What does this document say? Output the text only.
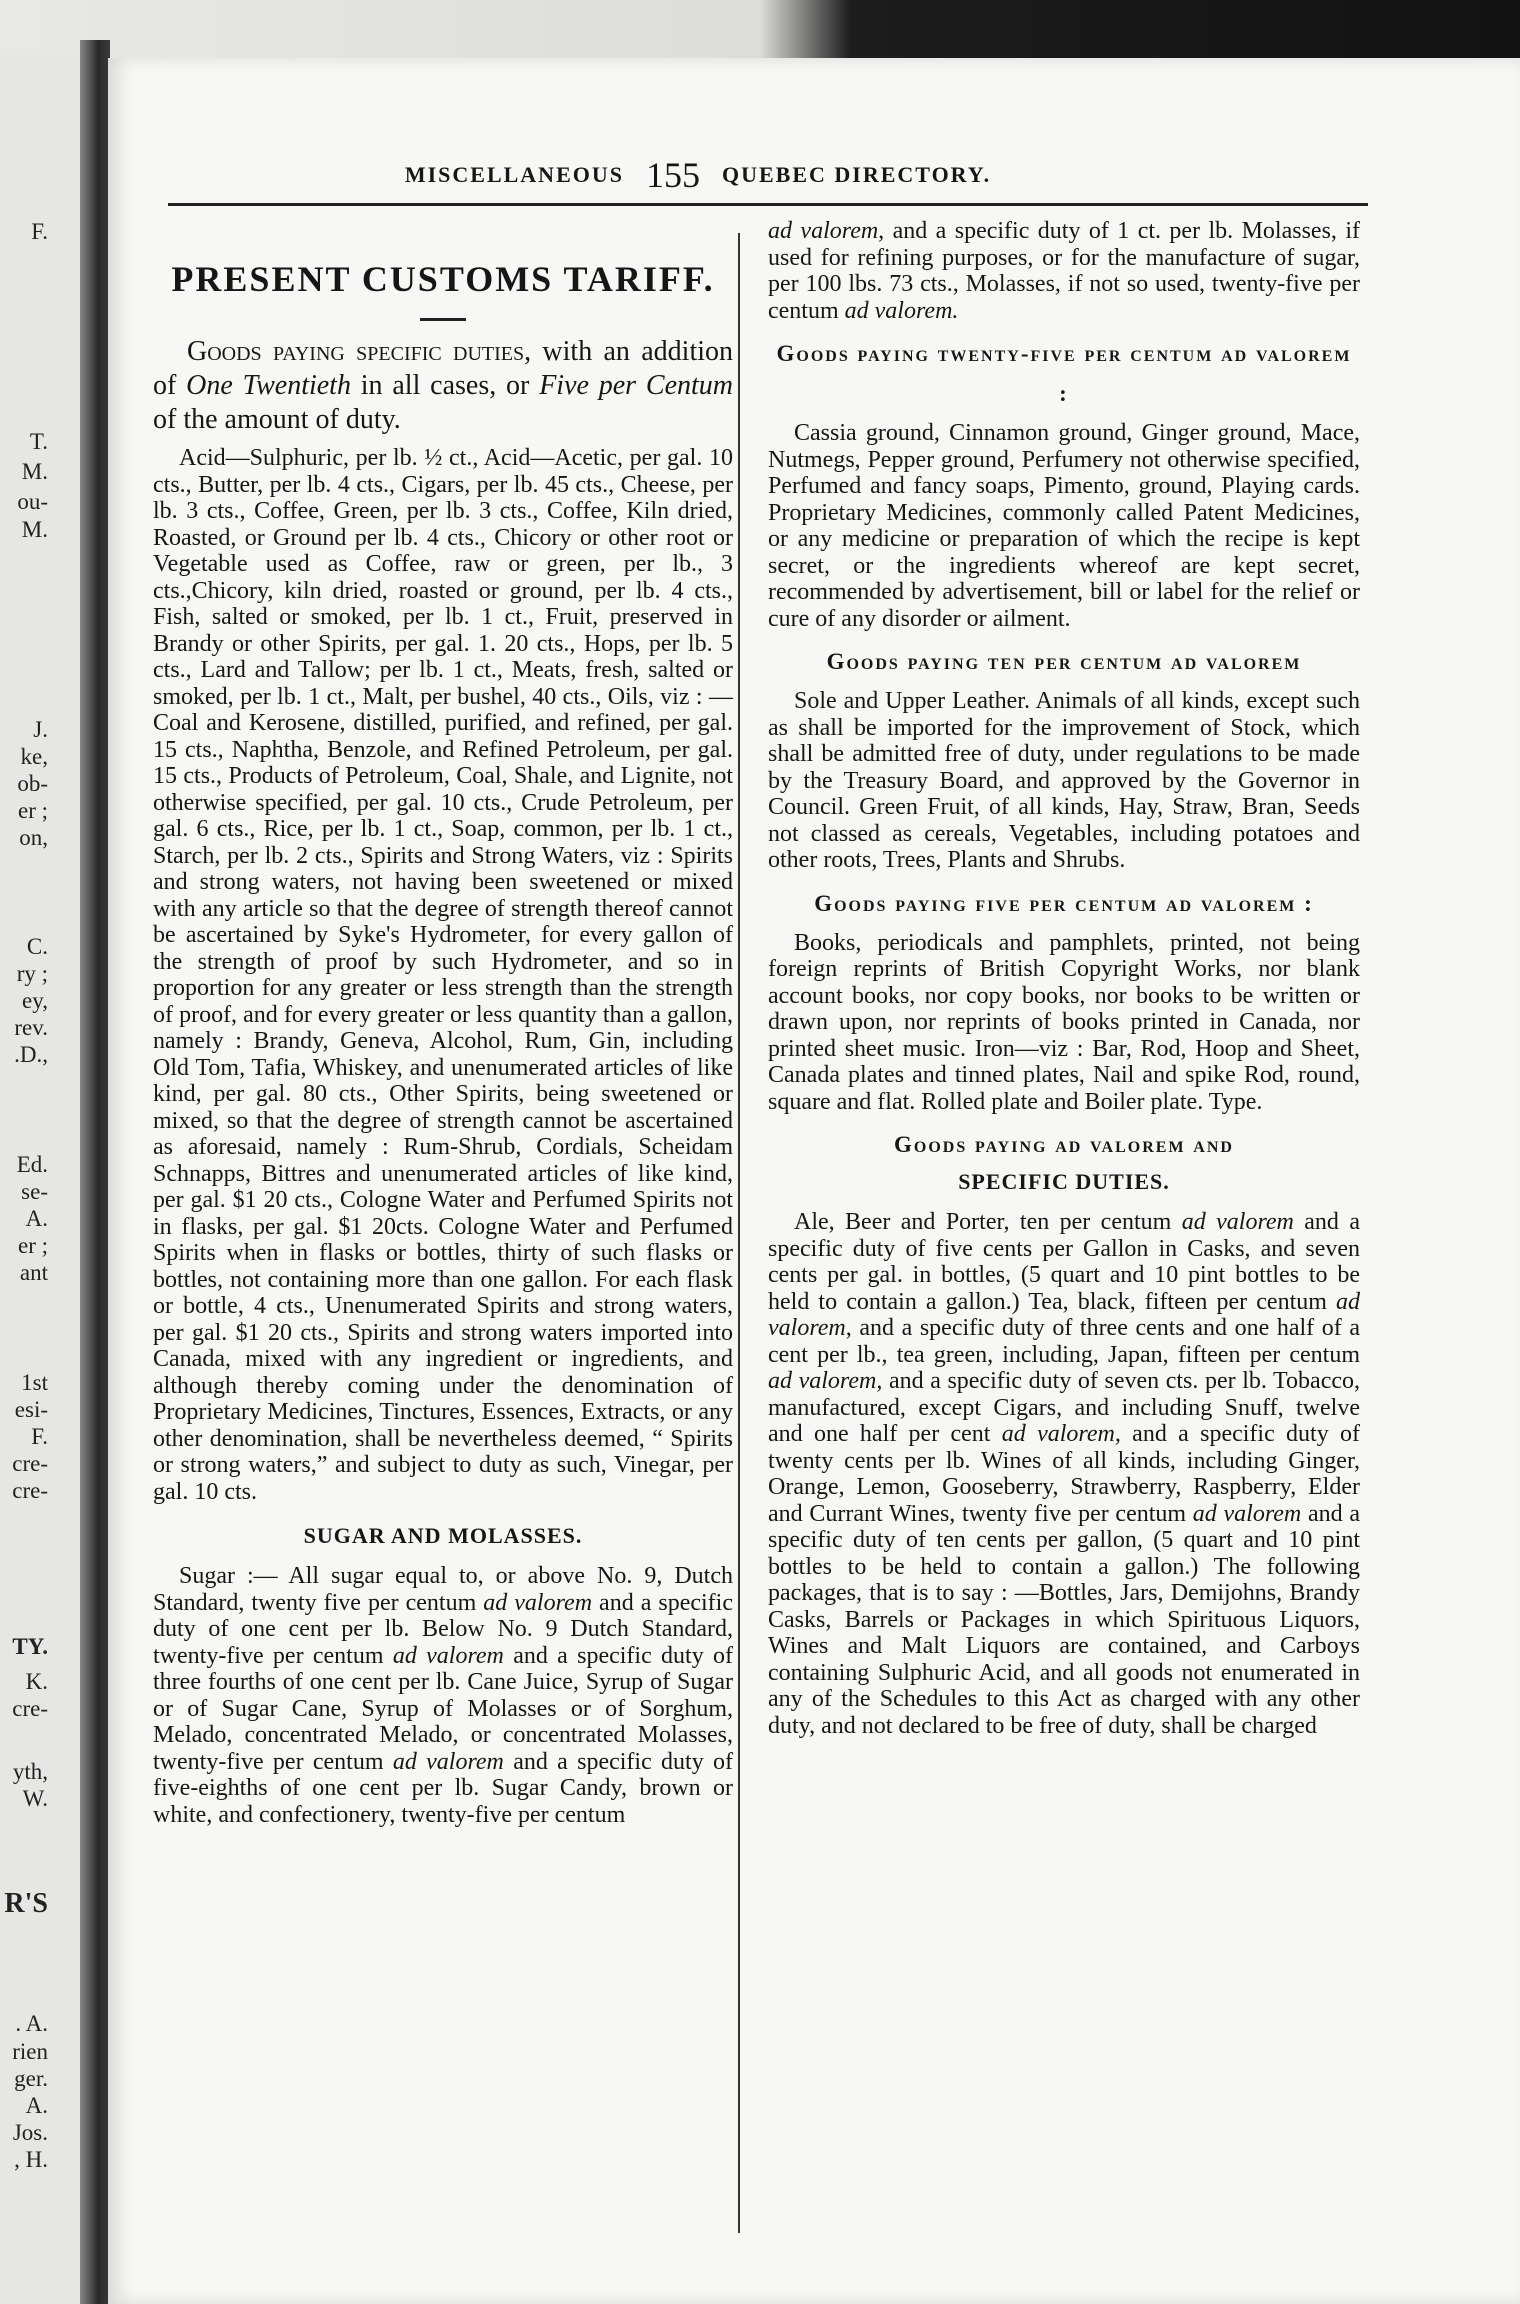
F.

T.

M.

ou-

M.

J.

ke,

ob-

er ;

on,

C.

ry ;

ey,

rev.

.D.,

Ed.

se-

A.

er ;

ant

1st

esi-

F.

cre-

cre-

TY.

K.

cre-

yth,

W.

R'S

. A.

rien

ger.

A.

Jos.

, H.

MISCELLANEOUS 155 QUEBEC DIRECTORY.
PRESENT CUSTOMS TARIFF.

Goods paying specific duties, with an addition of One Twentieth in all cases, or Five per Centum of the amount of duty.

Acid—Sulphuric, per lb. ½ ct., Acid—Acetic, per gal. 10 cts., Butter, per lb. 4 cts., Cigars, per lb. 45 cts., Cheese, per lb. 3 cts., Coffee, Green, per lb. 3 cts., Coffee, Kiln dried, Roasted, or Ground per lb. 4 cts., Chicory or other root or Vegetable used as Coffee, raw or green, per lb., 3 cts.,Chicory, kiln dried, roasted or ground, per lb. 4 cts., Fish, salted or smoked, per lb. 1 ct., Fruit, preserved in Brandy or other Spirits, per gal. 1. 20 cts., Hops, per lb. 5 cts., Lard and Tallow; per lb. 1 ct., Meats, fresh, salted or smoked, per lb. 1 ct., Malt, per bushel, 40 cts., Oils, viz : —Coal and Kerosene, distilled, purified, and refined, per gal. 15 cts., Naphtha, Benzole, and Refined Petroleum, per gal. 15 cts., Products of Petroleum, Coal, Shale, and Lignite, not otherwise specified, per gal. 10 cts., Crude Petroleum, per gal. 6 cts., Rice, per lb. 1 ct., Soap, common, per lb. 1 ct., Starch, per lb. 2 cts., Spirits and Strong Waters, viz : Spirits and strong waters, not having been sweetened or mixed with any article so that the degree of strength thereof cannot be ascertained by Syke's Hydrometer, for every gallon of the strength of proof by such Hydrometer, and so in proportion for any greater or less strength than the strength of proof, and for every greater or less quantity than a gallon, namely : Brandy, Geneva, Alcohol, Rum, Gin, including Old Tom, Tafia, Whiskey, and unenumerated articles of like kind, per gal. 80 cts., Other Spirits, being sweetened or mixed, so that the degree of strength cannot be ascertained as aforesaid, namely : Rum-Shrub, Cordials, Scheidam Schnapps, Bittres and unenumerated articles of like kind, per gal. $1 20 cts., Cologne Water and Perfumed Spirits not in flasks, per gal. $1 20cts. Cologne Water and Perfumed Spirits when in flasks or bottles, thirty of such flasks or bottles, not containing more than one gallon. For each flask or bottle, 4 cts., Unenumerated Spirits and strong waters, per gal. $1 20 cts., Spirits and strong waters imported into Canada, mixed with any ingredient or ingredients, and although thereby coming under the denomination of Proprietary Medicines, Tinctures, Essences, Extracts, or any other denomination, shall be nevertheless deemed, “ Spirits or strong waters,” and subject to duty as such, Vinegar, per gal. 10 cts.

SUGAR AND MOLASSES.

Sugar :— All sugar equal to, or above No. 9, Dutch Standard, twenty five per centum ad valorem and a specific duty of one cent per lb. Below No. 9 Dutch Standard, twenty-five per centum ad valorem and a specific duty of three fourths of one cent per lb. Cane Juice, Syrup of Sugar or of Sugar Cane, Syrup of Molasses or of Sorghum, Melado, concentrated Melado, or concentrated Molasses, twenty-five per centum ad valorem and a specific duty of five-eighths of one cent per lb. Sugar Candy, brown or white, and confectionery, twenty-five per centum

ad valorem, and a specific duty of 1 ct. per lb. Molasses, if used for refining purposes, or for the manufacture of sugar, per 100 lbs. 73 cts., Molasses, if not so used, twenty-five per centum ad valorem.

Goods paying twenty-five per centum ad valorem :

Cassia ground, Cinnamon ground, Ginger ground, Mace, Nutmegs, Pepper ground, Perfumery not otherwise specified, Perfumed and fancy soaps, Pimento, ground, Playing cards. Proprietary Medicines, commonly called Patent Medicines, or any medicine or preparation of which the recipe is kept secret, or the ingredients whereof are kept secret, recommended by advertisement, bill or label for the relief or cure of any disorder or ailment.

Goods paying ten per centum ad valorem

Sole and Upper Leather. Animals of all kinds, except such as shall be imported for the improvement of Stock, which shall be admitted free of duty, under regulations to be made by the Treasury Board, and approved by the Governor in Council. Green Fruit, of all kinds, Hay, Straw, Bran, Seeds not classed as cereals, Vegetables, including potatoes and other roots, Trees, Plants and Shrubs.

Goods paying five per centum ad valorem :

Books, periodicals and pamphlets, printed, not being foreign reprints of British Copyright Works, nor blank account books, nor copy books, nor books to be written or drawn upon, nor reprints of books printed in Canada, nor printed sheet music. Iron—viz : Bar, Rod, Hoop and Sheet, Canada plates and tinned plates, Nail and spike Rod, round, square and flat. Rolled plate and Boiler plate. Type.

Goods paying ad valorem and
SPECIFIC DUTIES.

Ale, Beer and Porter, ten per centum ad valorem and a specific duty of five cents per Gallon in Casks, and seven cents per gal. in bottles, (5 quart and 10 pint bottles to be held to contain a gallon.) Tea, black, fifteen per centum ad valorem, and a specific duty of three cents and one half of a cent per lb., tea green, including, Japan, fifteen per centum ad valorem, and a specific duty of seven cts. per lb. Tobacco, manufactured, except Cigars, and including Snuff, twelve and one half per cent ad valorem, and a specific duty of twenty cents per lb. Wines of all kinds, including Ginger, Orange, Lemon, Gooseberry, Strawberry, Raspberry, Elder and Currant Wines, twenty five per centum ad valorem and a specific duty of ten cents per gallon, (5 quart and 10 pint bottles to be held to contain a gallon.) The following packages, that is to say : —Bottles, Jars, Demijohns, Brandy Casks, Barrels or Packages in which Spirituous Liquors, Wines and Malt Liquors are contained, and Carboys containing Sulphuric Acid, and all goods not enumerated in any of the Schedules to this Act as charged with any other duty, and not declared to be free of duty, shall be charged
